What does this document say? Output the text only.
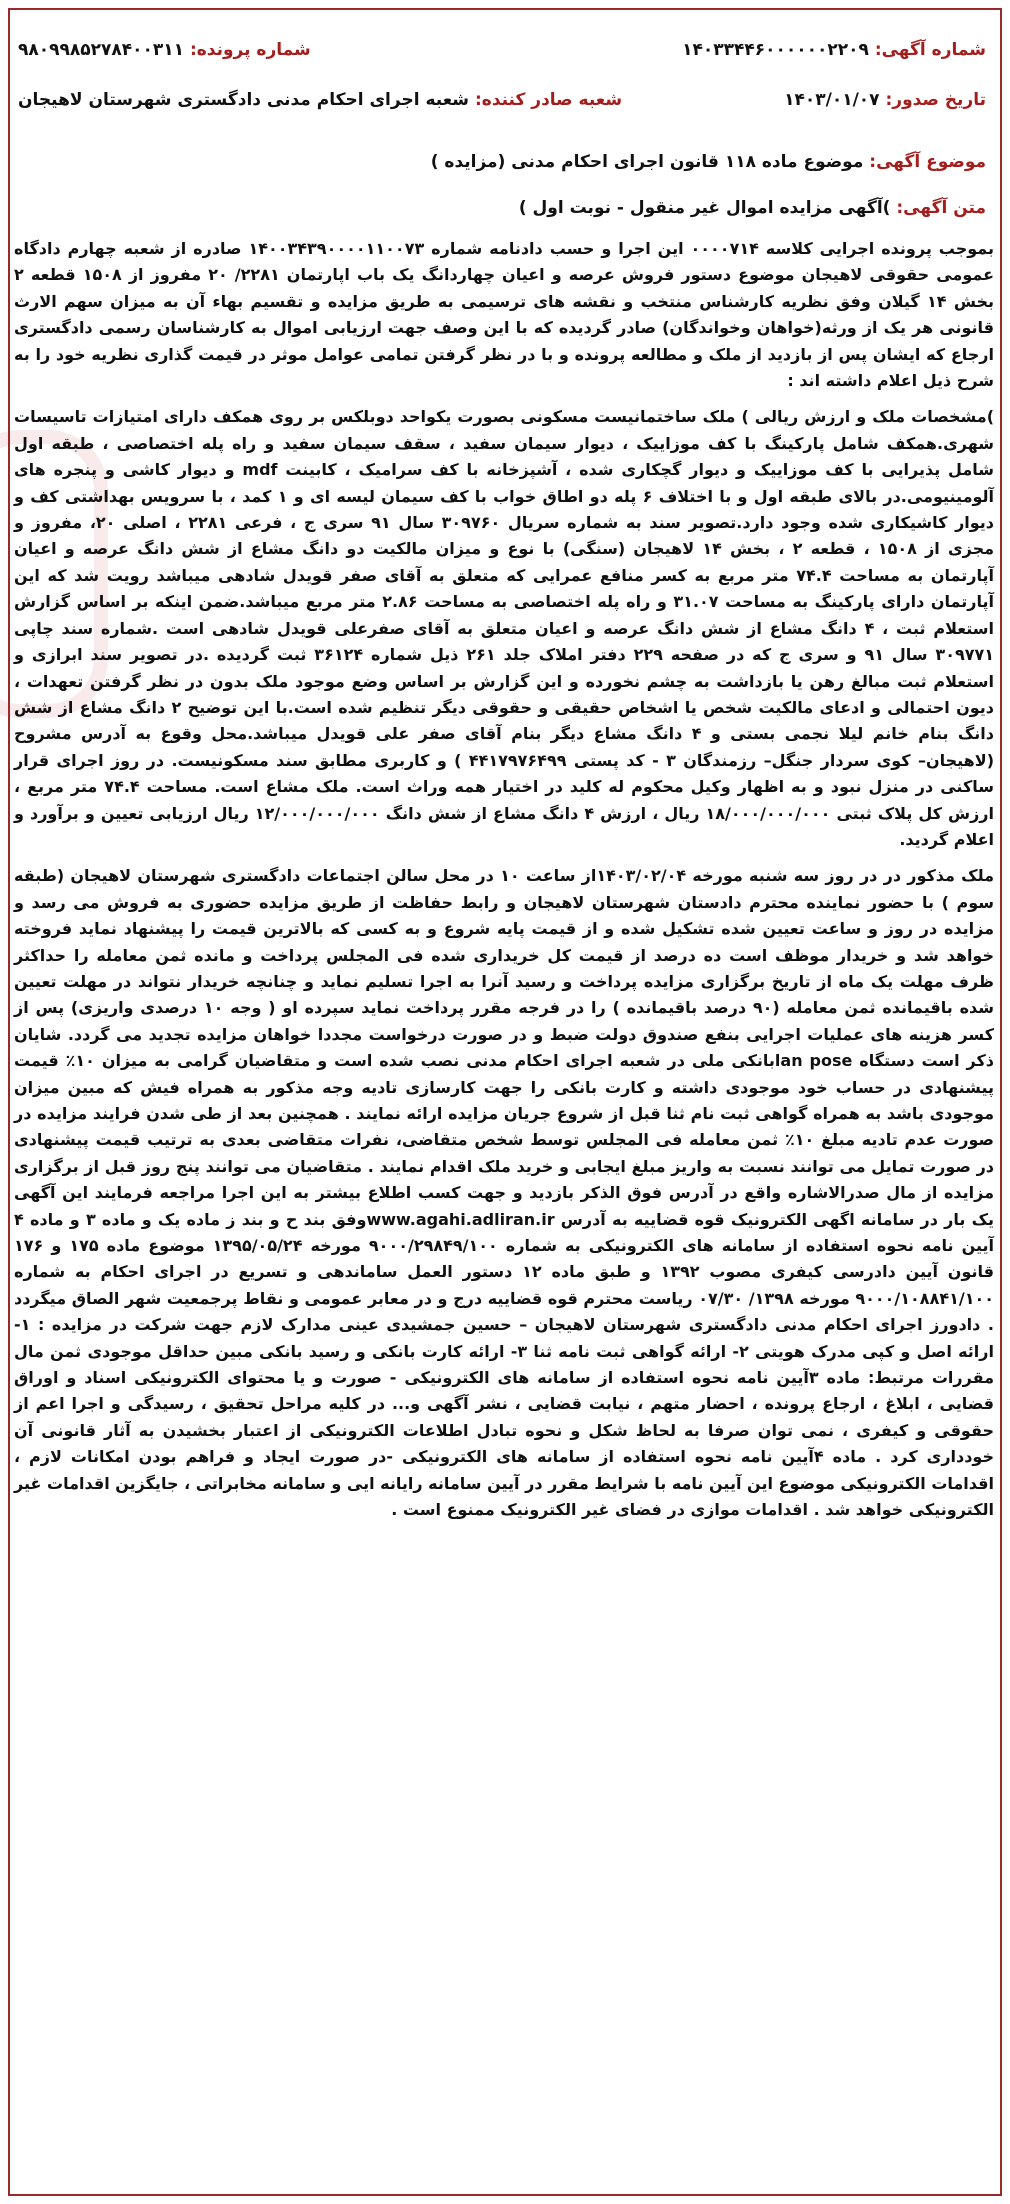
شماره آگهی: ۱۴۰۳۳۴۴۶۰۰۰۰۰۰۲۲۰۹
شماره پرونده: ۹۸۰۹۹۸۵۲۷۸۴۰۰۳۱۱
تاریخ صدور: ۱۴۰۳/۰۱/۰۷
شعبه صادر کننده: شعبه اجرای احکام مدنی دادگستری شهرستان لاهیجان
موضوع آگهی: موضوع ماده ۱۱۸ قانون اجرای احکام مدنی (مزایده )
متن آگهی: )آگهی مزایده اموال غیر منقول - نوبت اول )

بموجب پرونده اجرایی کلاسه ۰۰۰۰۷۱۴ این اجرا و حسب دادنامه شماره ۱۴۰۰۳۴۳۹۰۰۰۰۱۱۰۰۷۳ صادره از شعبه چهارم دادگاه عمومی حقوقی لاهیجان موضوع دستور فروش عرصه و اعیان چهاردانگ یک باب اپارتمان ۲۲۸۱/ ۲۰ مفروز از ۱۵۰۸ قطعه ۲ بخش ۱۴ گیلان وفق نظریه کارشناس منتخب و نقشه های ترسیمی به طریق مزایده و تقسیم بهاء آن به میزان سهم الارث قانونی هر یک از ورثه(خواهان وخواندگان) صادر گردیده که با این وصف جهت ارزیابی اموال به کارشناسان رسمی دادگستری ارجاع که ایشان پس از بازدید از ملک و مطالعه پرونده و با در نظر گرفتن تمامی عوامل موثر در قیمت گذاری نظریه خود را به شرح ذیل اعلام داشته اند :

)مشخصات ملک و ارزش ریالی ) ملک ساختمانیست مسکونی بصورت یکواحد دوبلکس بر روی همکف دارای امتیازات تاسیسات شهری.همکف شامل پارکینگ با کف موزاییک ، دیوار سیمان سفید ، سقف سیمان سفید و راه پله اختصاصی ، طبقه اول شامل پذیرایی با کف موزاییک و دیوار گچکاری شده ، آشپزخانه با کف سرامیک ، کابینت mdf و دیوار کاشی و پنجره های آلومینیومی.در بالای طبقه اول و با اختلاف ۶ پله دو اطاق خواب با کف سیمان لیسه ای و ۱ کمد ، با سرویس بهداشتی کف و دیوار کاشیکاری شده وجود دارد.تصویر سند به شماره سریال ۳۰۹۷۶۰ سال ۹۱ سری ج ، فرعی ۲۲۸۱ ، اصلی ۲۰، مفروز و مجزی از ۱۵۰۸ ، قطعه ۲ ، بخش ۱۴ لاهیجان (سنگی) با نوع و میزان مالکیت دو دانگ مشاع از شش دانگ عرصه و اعیان آپارتمان به مساحت ۷۴.۴ متر مربع به کسر منافع عمرایی که متعلق به آقای صفر قویدل شادهی میباشد رویت شد که این آپارتمان دارای پارکینگ به مساحت ۳۱.۰۷ و راه پله اختصاصی به مساحت ۲.۸۶ متر مربع میباشد.ضمن اینکه بر اساس گزارش استعلام ثبت ، ۴ دانگ مشاع از شش دانگ عرصه و اعیان متعلق به آقای صفرعلی قویدل شادهی است .شماره سند چاپی ۳۰۹۷۷۱ سال ۹۱ و سری ج که در صفحه ۲۲۹ دفتر املاک جلد ۲۶۱ ذیل شماره ۳۶۱۲۴ ثبت گردیده .در تصویر سند ابرازی و استعلام ثبت مبالغ رهن یا بازداشت به چشم نخورده و این گزارش بر اساس وضع موجود ملک بدون در نظر گرفتن تعهدات ، دیون احتمالی و ادعای مالکیت شخص یا اشخاص حقیقی و حقوقی دیگر تنظیم شده است.با این توضیح ۲ دانگ مشاع از شش دانگ بنام خانم لیلا نجمی بستی و ۴ دانگ مشاع دیگر بنام آقای صفر علی قویدل میباشد.محل وقوع به آدرس مشروح (لاهیجان– کوی سردار جنگل– رزمندگان ۳ - کد پستی ۴۴۱۷۹۷۶۴۹۹ ) و کاربری مطابق سند مسکونیست. در روز اجرای قرار ساکنی در منزل نبود و به اظهار وکیل محکوم له کلید در اختیار همه وراث است. ملک مشاع است. مساحت ۷۴.۴ متر مربع ، ارزش کل پلاک ثبتی ۱۸/۰۰۰/۰۰۰/۰۰۰ ریال ، ارزش ۴ دانگ مشاع از شش دانگ ۱۲/۰۰۰/۰۰۰/۰۰۰ ریال ارزیابی تعیین و برآورد و اعلام گردید.

ملک مذکور در در روز سه شنبه مورخه ۱۴۰۳/۰۲/۰۴از ساعت ۱۰ در محل سالن اجتماعات دادگستری شهرستان لاهیجان (طبقه سوم ) با حضور نماینده محترم دادستان شهرستان لاهیجان و رابط حفاظت از طریق مزایده حضوری به فروش می رسد و مزایده در روز و ساعت تعیین شده تشکیل شده و از قیمت پایه شروع و به کسی که بالاترین قیمت را پیشنهاد نماید فروخته خواهد شد و خریدار موظف است ده درصد از قیمت کل خریداری شده فی المجلس پرداخت و مانده ثمن معامله را حداکثر ظرف مهلت یک ماه از تاریخ برگزاری مزایده پرداخت و رسید آنرا به اجرا تسلیم نماید و چنانچه خریدار نتواند در مهلت تعیین شده باقیمانده ثمن معامله (۹۰ درصد باقیمانده ) را در فرجه مقرر پرداخت نماید سپرده او ( وجه ۱۰ درصدی واریزی) پس از کسر هزینه های عملیات اجرایی بنفع صندوق دولت ضبط و در صورت درخواست مجددا خواهان مزایده تجدید می گردد. شایان ذکر است دستگاه lan poseبانکی ملی در شعبه اجرای احکام مدنی نصب شده است و متقاضیان گرامی به میزان ۱۰٪ قیمت پیشنهادی در حساب خود موجودی داشته و کارت بانکی را جهت کارسازی تادیه وجه مذکور به همراه فیش که مبین میزان موجودی باشد به همراه گواهی ثبت نام ثنا قبل از شروع جریان مزایده ارائه نمایند . همچنین بعد از طی شدن فرایند مزایده در صورت عدم تادیه مبلغ ۱۰٪ ثمن معامله فی المجلس توسط شخص متقاضی، نفرات متقاضی بعدی به ترتیب قیمت پیشنهادی در صورت تمایل می توانند نسبت به واریز مبلغ ایجابی و خرید ملک اقدام نمایند . متقاضیان می توانند پنج روز قبل از برگزاری مزایده از مال صدرالاشاره واقع در آدرس فوق الذکر بازدید و جهت کسب اطلاع بیشتر به این اجرا مراجعه فرمایند این آگهی یک بار در سامانه اگهی الکترونیک قوه قضاییه به آدرس www.agahi.adliran.irوفق بند ح و بند ز ماده یک و ماده ۳ و ماده ۴ آیین نامه نحوه استفاده از سامانه های الکترونیکی به شماره ۹۰۰۰/۲۹۸۴۹/۱۰۰ مورخه ۱۳۹۵/۰۵/۲۴ موضوع ماده ۱۷۵ و ۱۷۶ قانون آیین دادرسی کیفری مصوب ۱۳۹۲ و طبق ماده ۱۲ دستور العمل ساماندهی و تسریع در اجرای احکام به شماره ۹۰۰۰/۱۰۸۸۴۱/۱۰۰ مورخه ۱۳۹۸/ ۰۷/۳۰ ریاست محترم قوه قضاییه درج و در معابر عمومی و نقاط پرجمعیت شهر الصاق میگردد . دادورز اجرای احکام مدنی دادگستری شهرستان لاهیجان – حسین جمشیدی عینی مدارک لازم جهت شرکت در مزایده : ۱- ارائه اصل و کپی مدرک هویتی ۲- ارائه گواهی ثبت نامه ثنا ۳- ارائه کارت بانکی و رسید بانکی مبین حداقل موجودی ثمن مال مقررات مرتبط: ماده ۳آیین نامه نحوه استفاده از سامانه های الکترونیکی - صورت و یا محتوای الکترونیکی اسناد و اوراق قضایی ، ابلاغ ، ارجاع پرونده ، احضار متهم ، نیابت قضایی ، نشر آگهی و... در کلیه مراحل تحقیق ، رسیدگی و اجرا اعم از حقوقی و کیفری ، نمی توان صرفا به لحاظ شکل و نحوه تبادل اطلاعات الکترونیکی از اعتبار بخشیدن به آثار قانونی آن خودداری کرد . ماده ۴آیین نامه نحوه استفاده از سامانه های الکترونیکی -در صورت ایجاد و فراهم بودن امکانات لازم ، اقدامات الکترونیکی موضوع این آیین نامه با شرایط مقرر در آیین سامانه رایانه ایی و سامانه مخابراتی ، جایگزین اقدامات غیر الکترونیکی خواهد شد . اقدامات موازی در فضای غیر الکترونیک ممنوع است .
